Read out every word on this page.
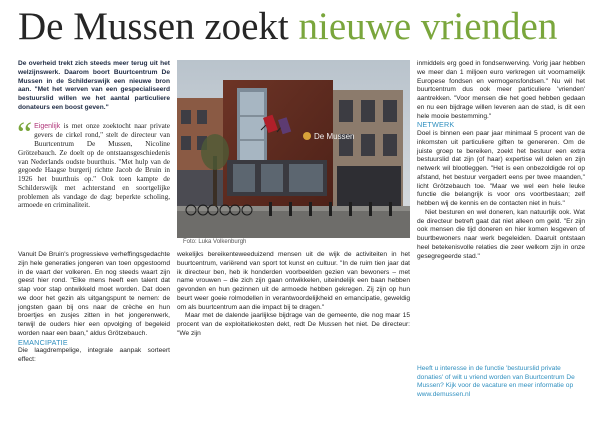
De Mussen zoekt nieuwe vrienden

De overheid trekt zich steeds meer terug uit het welzijnswerk. Daarom boort Buurtcentrum De Mussen in de Schilderswijk een nieuwe bron aan. "Met het werven van een gespecialiseerd bestuurslid willen we het aantal particuliere donateurs een boost geven."

“ Eigenlijk is met onze zoektocht naar private gevers de cirkel rond," stelt de directeur van Buurtcentrum De Mussen, Nicoline Grötzebauch. Ze doelt op de ontstaansgeschiedenis van Nederlands oudste buurthuis. "Met hulp van de gegoede Haagse burgerij richtte Jacob de Bruin in 1926 het buurthuis op." Ook toen kampte de Schilderswijk met achterstand en soortgelijke problemen als vandage de dag: beperkte scholing, armoede en criminaliteit.

De Mussen
Foto: Luka Volkenburgh

Vanuit De Bruin's progressieve verheffingsgedachte zijn hele generaties jongeren van toen opgestoomd in de vaart der volkeren. En nog steeds waart zijn geest hier rond. "Elke mens heeft een talent dat stap voor stap ontwikkeld moet worden. Dat doen we door het gezin als uitgangspunt te nemen: de jongsten gaan bij ons naar de crèche en hun broertjes en zusjes zitten in het jongerenwerk, terwijl de ouders hier een opvolging of begeleid worden naar een baan," aldus Grötzebauch.

EMANCIPATIE

Die laagdrempelige, integrale aanpak sorteert effect:

wekelijks bereikenteweeduizend mensen uit de wijk de activiteiten in het buurtcentrum, variërend van sport tot kunst en cultuur. "In de ruim tien jaar dat ik directeur ben, heb ik honderden voorbeelden gezien van bewoners – met name vrouwen – die zich zijn gaan ontwikkelen, uiteindelijk een baan hebben gevonden en hun gezinnen uit de armoede hebben gekregen. Zij zijn op hun beurt weer goeie rolmodellen in verantwoordelijkheid en emancipatie, geweldig om als buurtcentrum aan die impact bij te dragen."

Maar met de dalende jaarlijkse bijdrage van de gemeente, die nog maar 15 procent van de exploitatiekosten dekt, redt De Mussen het niet. De directeur: "We zijn

inmiddels erg goed in fondsenwerving. Vorig jaar hebben we meer dan 1 miljoen euro verkregen uit voornamelijk Europese fondsen en vermogensfondsen." Nu wil het buurtcentrum dus ook meer particuliere 'vrienden' aantrekken. "Voor mensen die het goed hebben gedaan en nu een bijdrage willen leveren aan de stad, is dit een hele mooie bestemming."

NETWERK

Doel is binnen een paar jaar minimaal 5 procent van de inkomsten uit particuliere giften te genereren. Om de juiste groep te bereiken, zoekt het bestuur een extra bestuurslid dat zijn (of haar) expertise wil delen en zijn netwerk wil blootleggen. "Het is een onbezoldigde rol op afstand, het bestuur vergadert eens per twee maanden," licht Grötzebauch toe. "Maar we wel een hele leuke functie die belangrijk is voor ons voortbestaan; zelf hebben wij de kennis en de contacten niet in huis."

Niet besturen en wel doneren, kan natuurlijk ook. Wat de directeur betreft gaat dat niet alleen om geld. "Er zijn ook mensen die tijd doneren en hier komen lesgeven of buurtbewoners naar werk begeleiden. Daaruit ontstaan heel betekenisvolle relaties die zeer welkom zijn in onze gesegregeerde stad."

Heeft u interesse in de functie 'bestuurslid private donaties' of wilt u vriend worden van Buurtcentrum De Mussen? Kijk voor de vacature en meer informatie op www.demussen.nl
